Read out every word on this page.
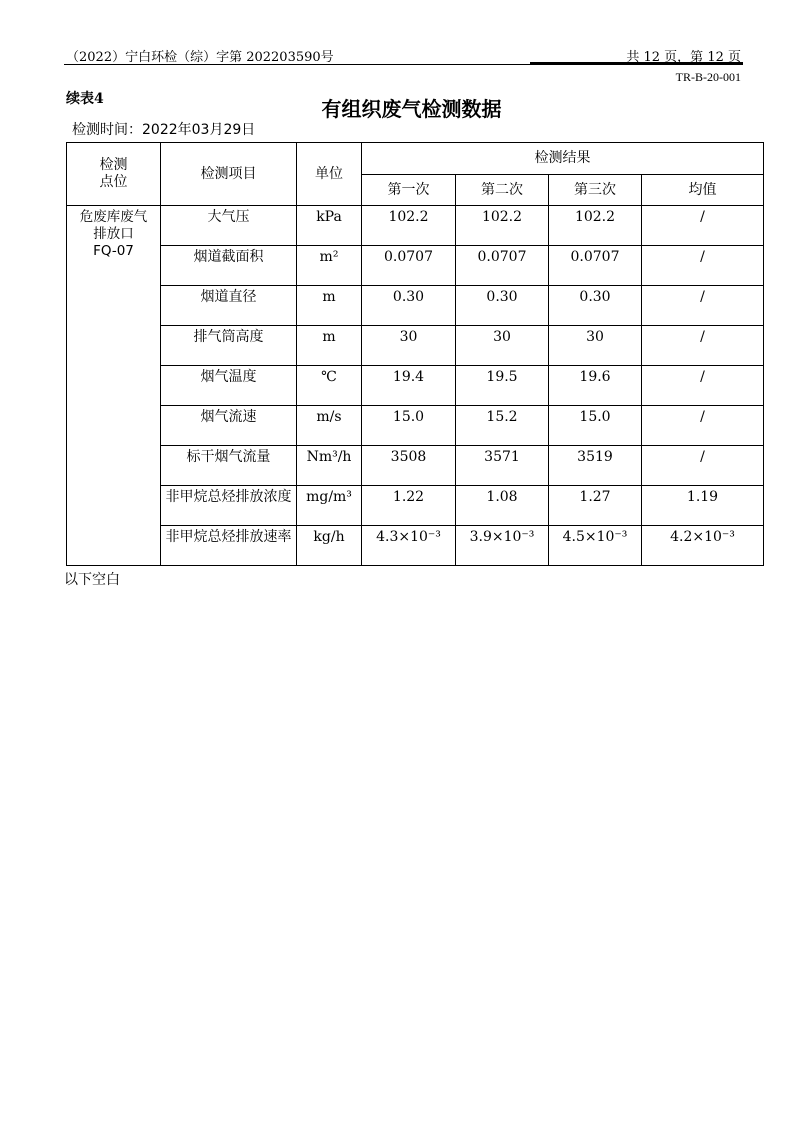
（2022）宁白环检（综）字第 202203590号	共 12 页，第 12 页
TR-B-20-001
续表4	有组织废气检测数据
检测时间：2022年03月29日
检测
点位	检测项目	单位	检测结果			
			第一次	第二次	第三次	均值
危废库废气
排放口
FQ-07	大气压	kPa	102.2	102.2	102.2	/
	烟道截面积	m²	0.0707	0.0707	0.0707	/
	烟道直径	m	0.30	0.30	0.30	/
	排气筒高度	m	30	30	30	/
	烟气温度	℃	19.4	19.5	19.6	/
	烟气流速	m/s	15.0	15.2	15.0	/
	标干烟气流量	Nm³/h	3508	3571	3519	/
	非甲烷总烃排放浓度	mg/m³	1.22	1.08	1.27	1.19
	非甲烷总烃排放速率	kg/h	4.3×10⁻³	3.9×10⁻³	4.5×10⁻³	4.2×10⁻³
以下空白
